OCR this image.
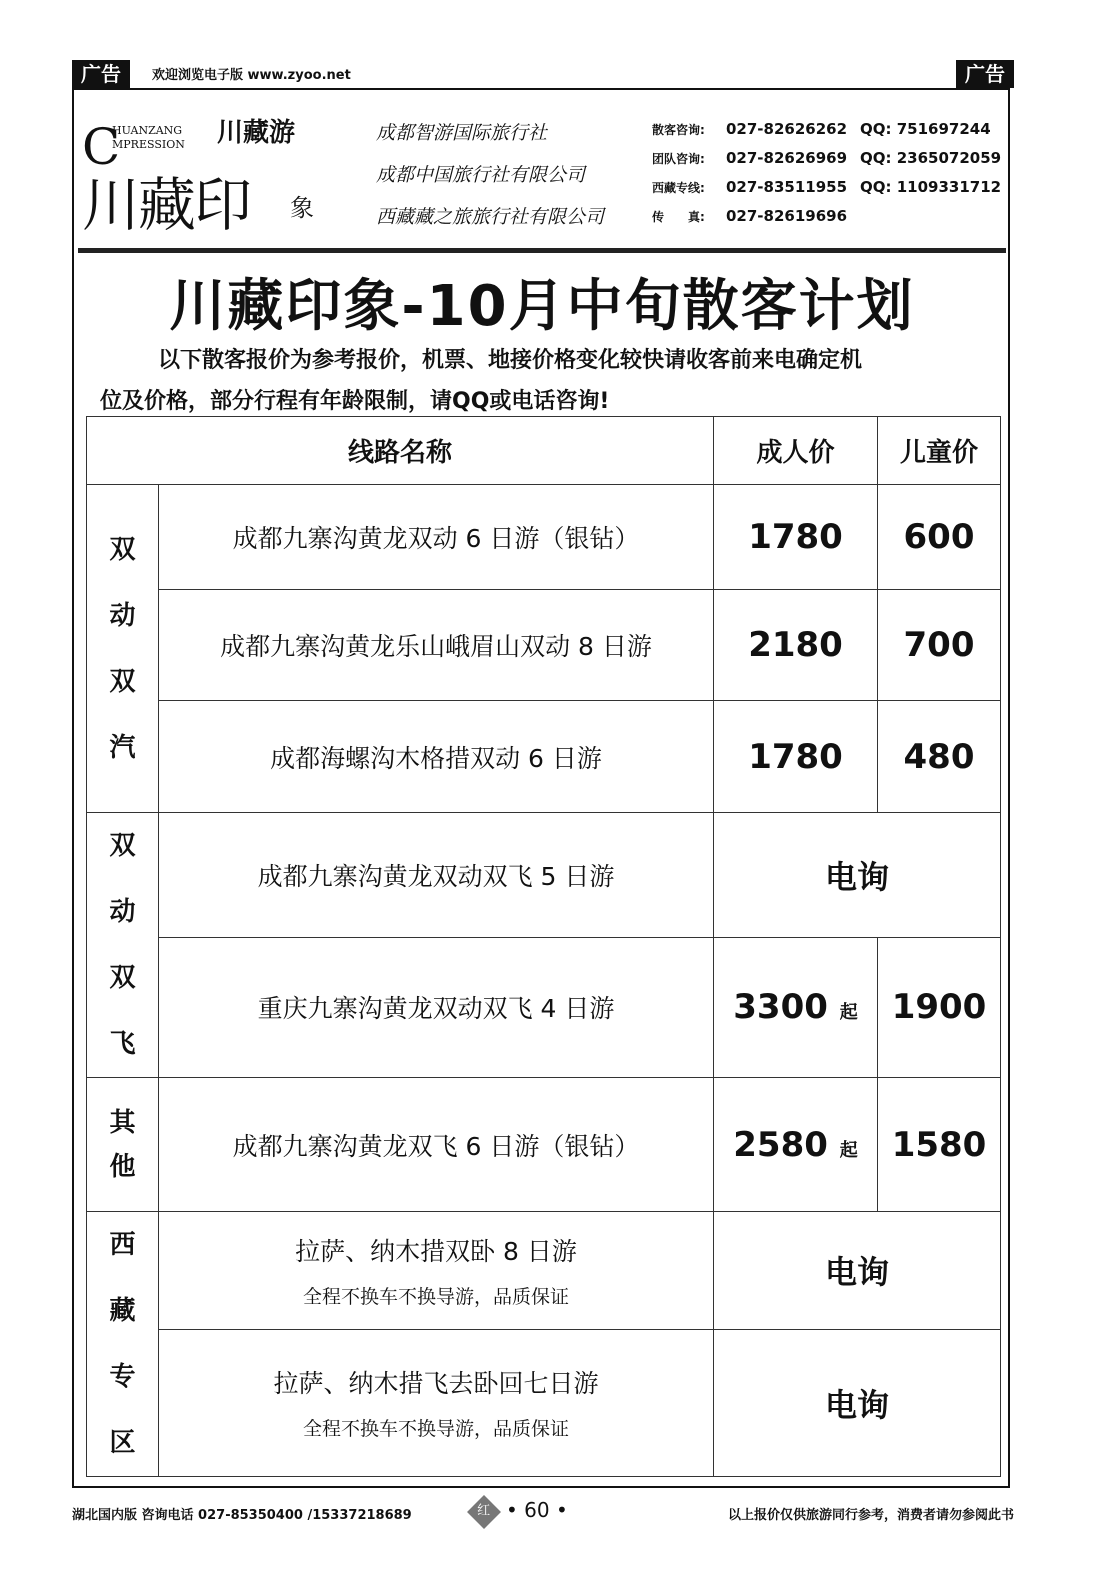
广告	欢迎浏览电子版 www.zyoo.net	广告
C
HUANZANG
MPRESSION 川藏游
川藏印 象
成都智游国际旅行社
成都中国旅行社有限公司
西藏藏之旅旅行社有限公司
散客咨询: 027-82626262 QQ: 751697244
团队咨询: 027-82626969 QQ: 2365072059
西藏专线: 027-83511955 QQ: 1109331712
传　　真: 027-82619696
川藏印象-10月中旬散客计划
以下散客报价为参考报价，机票、地接价格变化较快请收客前来电确定机
位及价格，部分行程有年龄限制，请QQ或电话咨询!
线路名称		成人价	儿童价

双动双汽	成都九寨沟黄龙双动 6 日游（银钻）	1780	600
	成都九寨沟黄龙乐山峨眉山双动 8 日游	2180	700
	成都海螺沟木格措双动 6 日游	1780	480

双动双飞	成都九寨沟黄龙双动双飞 5 日游	电询	
	重庆九寨沟黄龙双动双飞 4 日游	3300 起	1900

其他	成都九寨沟黄龙双飞 6 日游（银钻）	2580 起	1580

西藏专区	拉萨、纳木措双卧 8 日游
全程不换车不换导游，品质保证	电询	

	拉萨、纳木措飞去卧回七日游
全程不换车不换导游，品质保证	电询	
湖北国内版 咨询电话 027-85350400 /15337218689	红 • 60 •	以上报价仅供旅游同行参考，消费者请勿参阅此书
